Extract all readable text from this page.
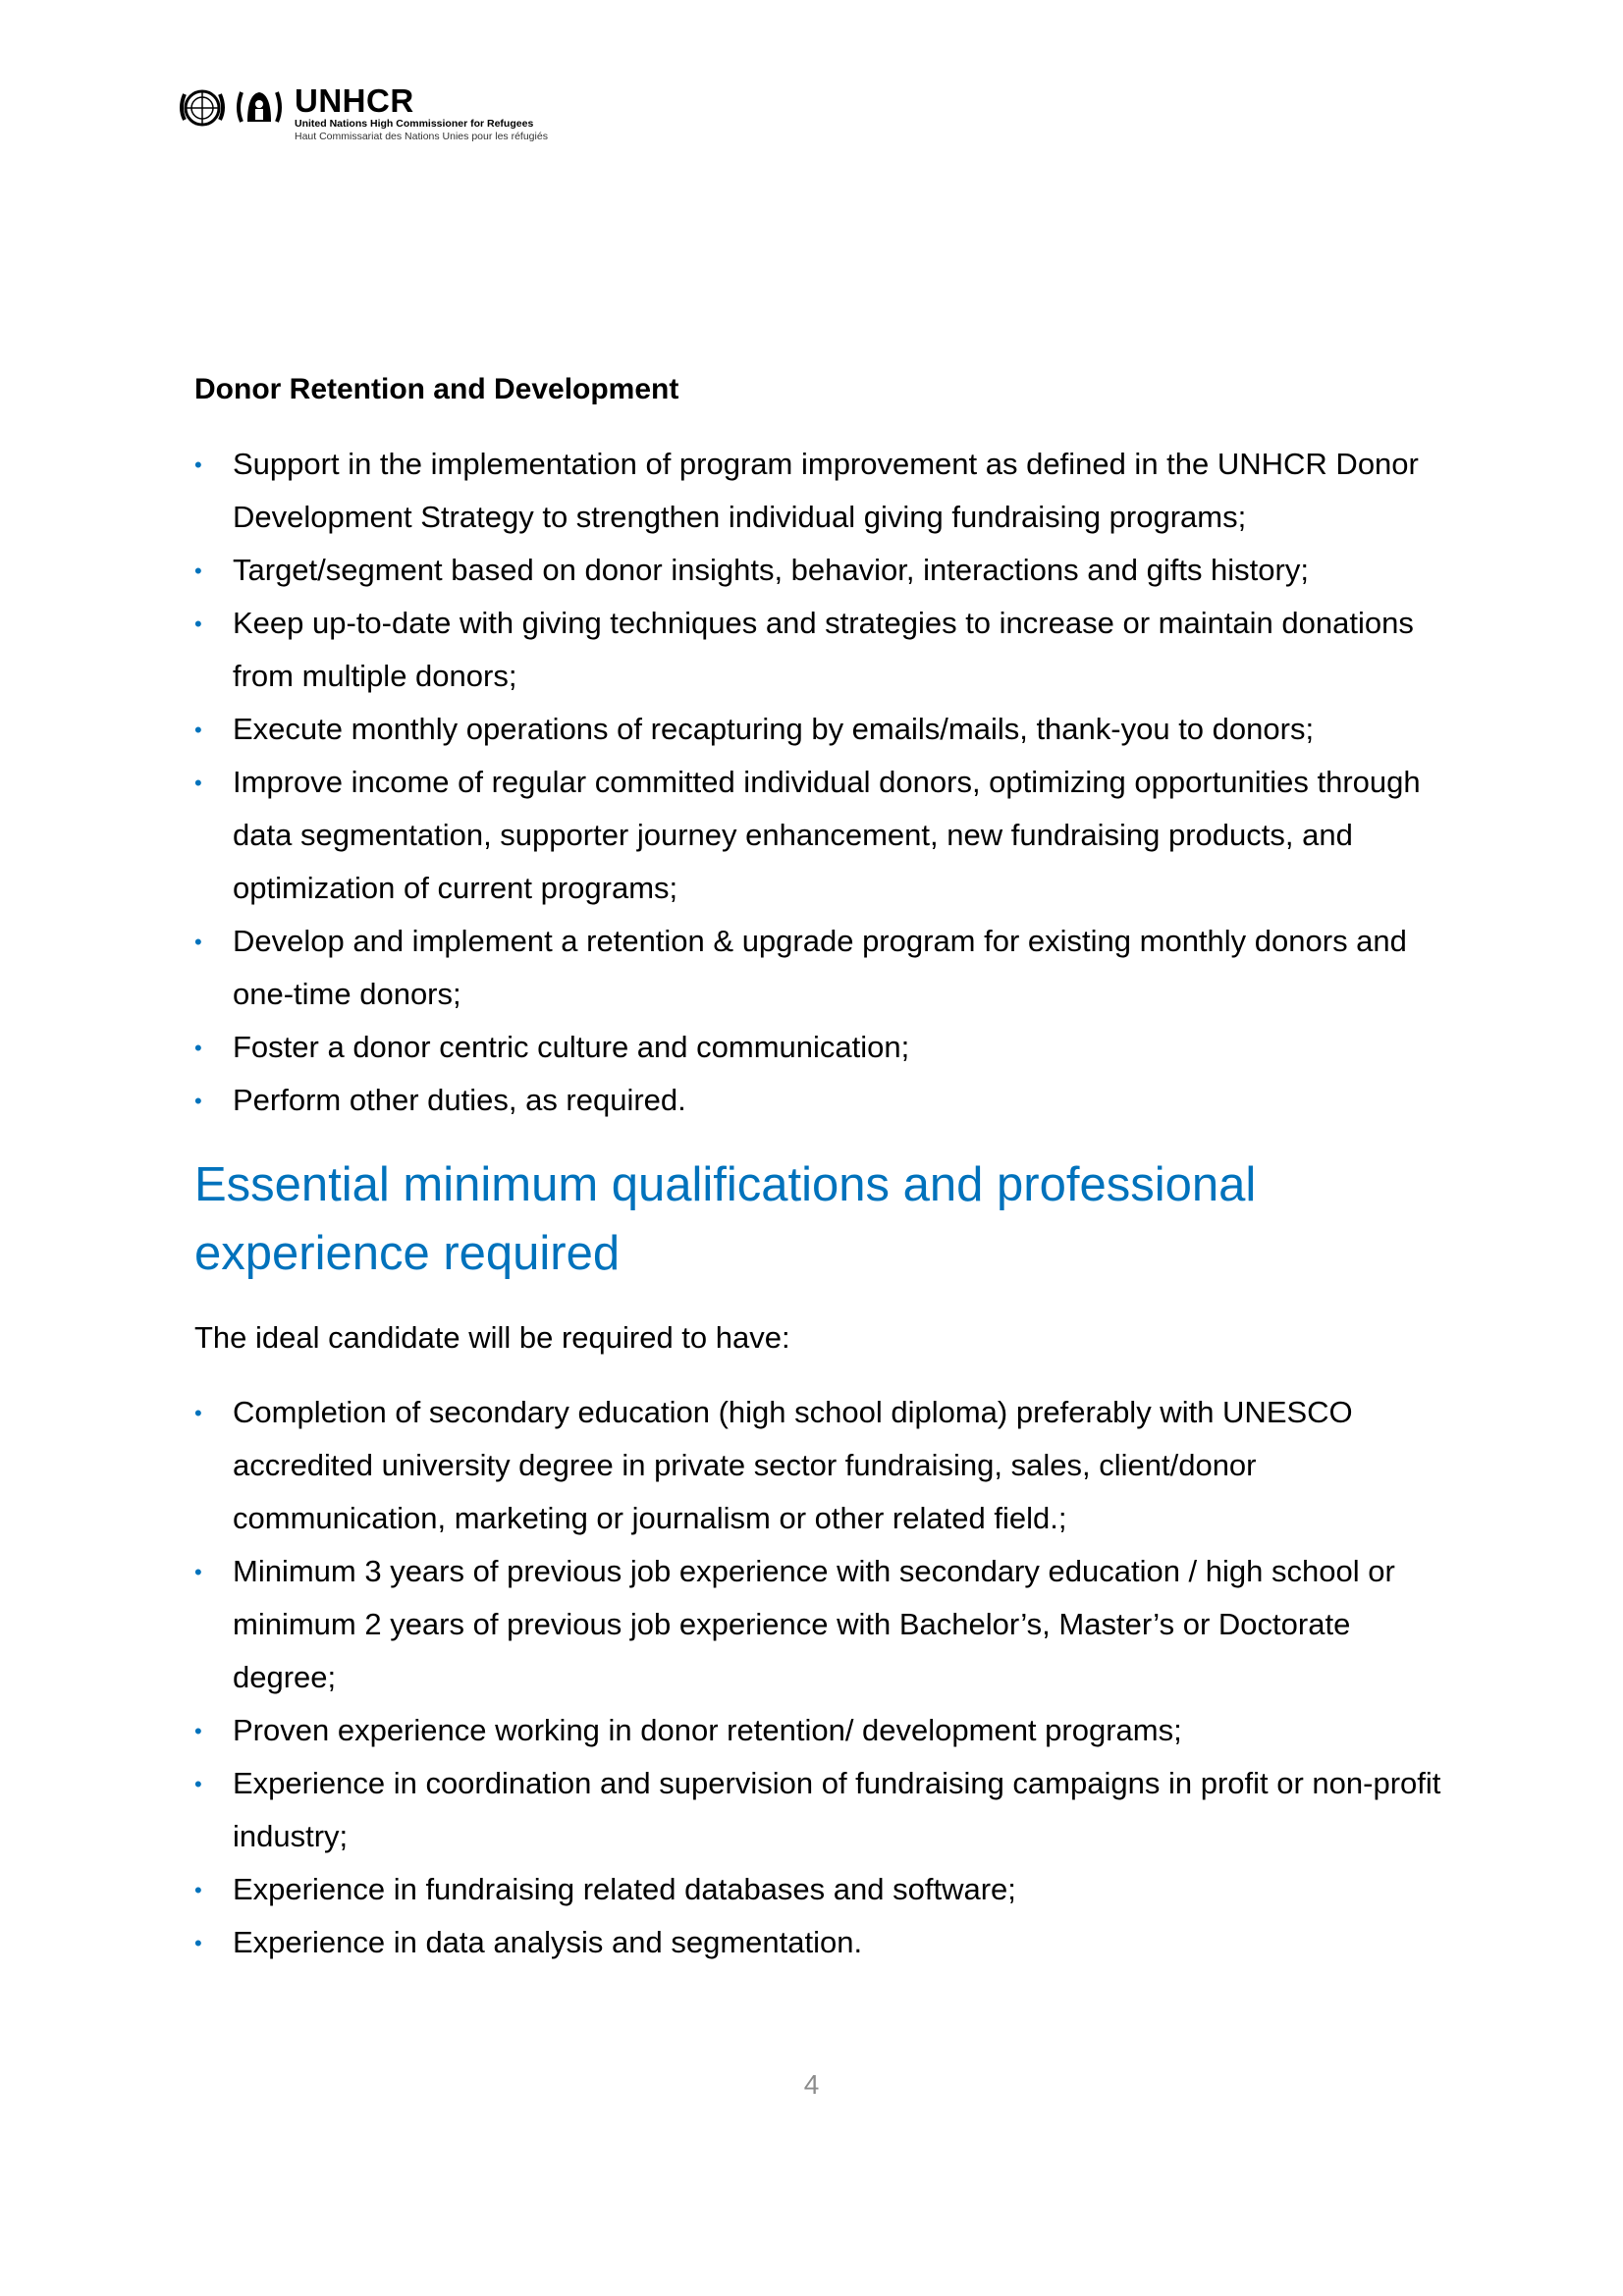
UNHCR
United Nations High Commissioner for Refugees
Haut Commissariat des Nations Unies pour les réfugiés
Donor Retention and Development
• Support in the implementation of program improvement as defined in the UNHCR Donor Development Strategy to strengthen individual giving fundraising programs;
• Target/segment based on donor insights, behavior, interactions and gifts history;
• Keep up-to-date with giving techniques and strategies to increase or maintain donations from multiple donors;
• Execute monthly operations of recapturing by emails/mails, thank-you to donors;
• Improve income of regular committed individual donors, optimizing opportunities through data segmentation, supporter journey enhancement, new fundraising products, and optimization of current programs;
• Develop and implement a retention & upgrade program for existing monthly donors and one-time donors;
• Foster a donor centric culture and communication;
• Perform other duties, as required.
Essential minimum qualifications and professional experience required

The ideal candidate will be required to have:

• Completion of secondary education (high school diploma) preferably with UNESCO accredited university degree in private sector fundraising, sales, client/donor communication, marketing or journalism or other related field.;
• Minimum 3 years of previous job experience with secondary education / high school or minimum 2 years of previous job experience with Bachelor’s, Master’s or Doctorate degree;
• Proven experience working in donor retention/ development programs;
• Experience in coordination and supervision of fundraising campaigns in profit or non-profit industry;
• Experience in fundraising related databases and software;
• Experience in data analysis and segmentation.
4
